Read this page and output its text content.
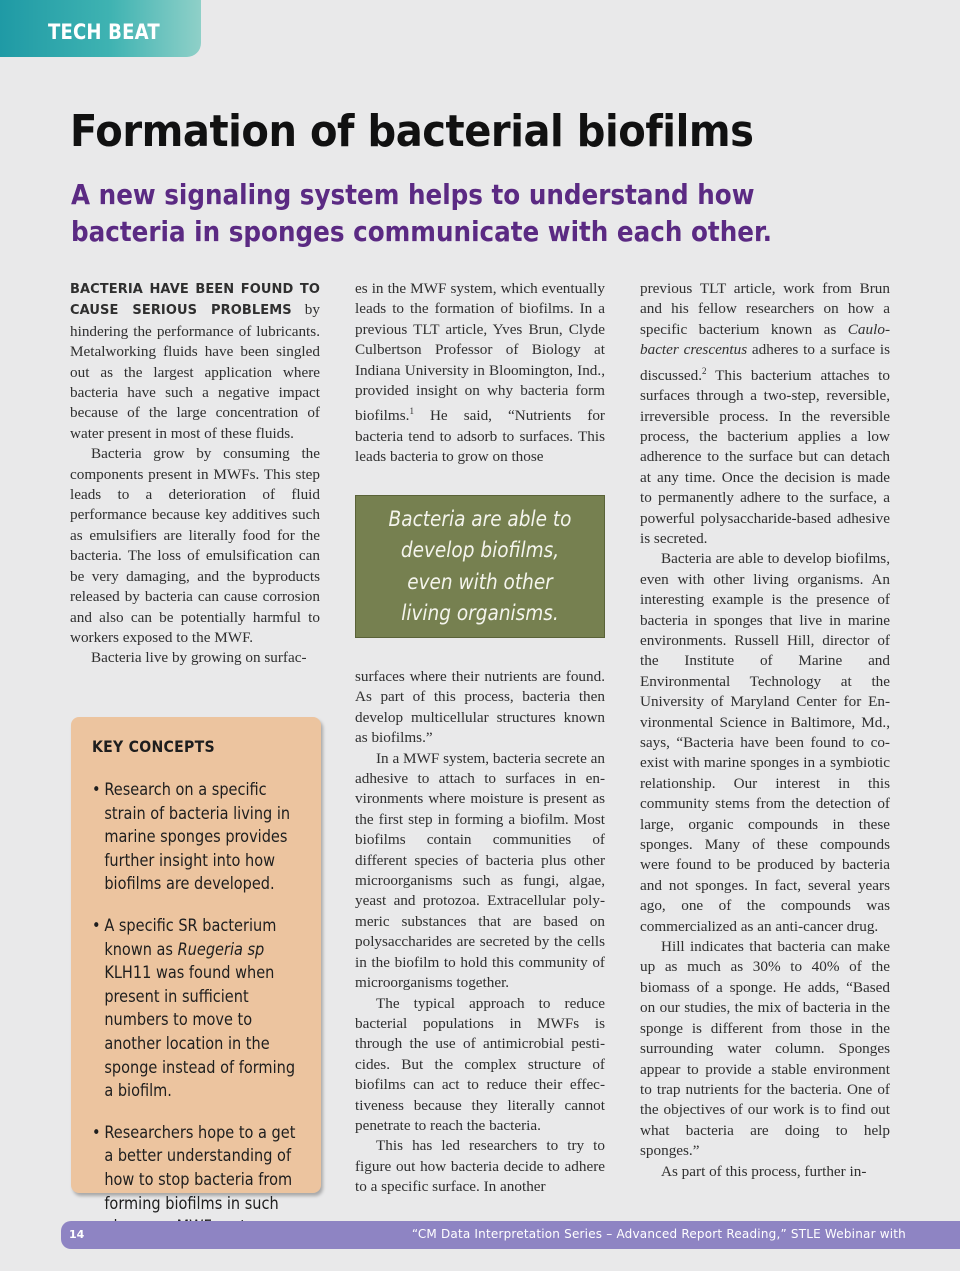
TECH BEAT
Formation of bacterial biofilms
A new signaling system helps to understand how bacteria in sponges communicate with each other.

BACTERIA HAVE BEEN FOUND TO CAUSE SERIOUS PROBLEMS by hindering the performance of lubricants. Metalworking fluids have been singled out as the largest application where bacteria have such a negative impact because of the large concentration of water present in most of these fluids.

Bacteria grow by consuming the components present in MWFs. This step leads to a deterioration of fluid performance because key additives such as emulsifiers are literally food for the bacteria. The loss of emulsification can be very damaging, and the byproducts released by bacteria can cause corrosion and also can be potentially harmful to workers exposed to the MWF.

Bacteria live by growing on surfac-

KEY CONCEPTS
• Research on a specific strain of bacteria living in marine sponges provides further insight into how biofilms are developed.
• A specific SR bacterium known as Ruegeria sp KLH11 was found when present in sufficient numbers to move to another location in the sponge instead of forming a biofilm.
• Researchers hope to a get a better understanding of how to stop bacteria from forming biofilms in such

es in the MWF system, which eventually leads to the formation of biofilms. In a previous TLT article, Yves Brun, Clyde Culbertson Professor of Biology at Indiana University in Bloomington, Ind., provided insight on why bacteria form biofilms.$^1$ He said, “Nutrients for bacteria tend to adsorb to surfaces. This leads bacteria to grow on those

Bacteria are able to develop biofilms, even with other living organisms.

surfaces where their nutrients are found. As part of this process, bacteria then develop multicellular structures known as biofilms.”

In a MWF system, bacteria secrete an adhesive to attach to surfaces in environments where moisture is present as the first step in forming a biofilm. Most biofilms contain communities of different species of bacteria plus other microorganisms such as fungi, algae, yeast and protozoa. Extracellular polymeric substances that are based on polysaccharides are secreted by the cells in the biofilm to hold this community of microorganisms together.

The typical approach to reduce bacterial populations in MWFs is through the use of antimicrobial pesticides. But the complex structure of biofilms can act to reduce their effectiveness because they literally cannot penetrate to reach the bacteria.

This has led researchers to try to figure out how bacteria decide to adhere to a specific surface. In another

previous TLT article, work from Brun and his fellow researchers on how a specific bacterium known as Caulobacter crescentus adheres to a surface is discussed.$^2$ This bacterium attaches to surfaces through a two-step, reversible, irreversible process. In the reversible process, the bacterium applies a low adherence to the surface but can detach at any time. Once the decision is made to permanently adhere to the surface, a powerful polysaccharide-based adhesive is secreted.

Bacteria are able to develop biofilms, even with other living organisms. An interesting example is the presence of bacteria in sponges that live in marine environments. Russell Hill, director of the Institute of Marine and Environmental Technology at the University of Maryland Center for Environmental Science in Baltimore, Md., says, “Bacteria have been found to co-exist with marine sponges in a symbiotic relationship. Our interest in this community stems from the detection of large, organic compounds in these sponges. Many of these compounds were found to be produced by bacteria and not sponges. In fact, several years ago, one of the compounds was commercialized as an anti-cancer drug.

Hill indicates that bacteria can make up as much as 30% to 40% of the biomass of a sponge. He adds, “Based on our studies, the mix of bacteria in the sponge is different from those in the surrounding water column. Sponges appear to provide a stable environment to trap nutrients for the bacteria. One of the objectives of our work is to find out what bacteria are doing to help sponges.”

As part of this process, further in-

14	“CM Data Interpretation Series – Advanced Report Reading,” STLE Webinar with
